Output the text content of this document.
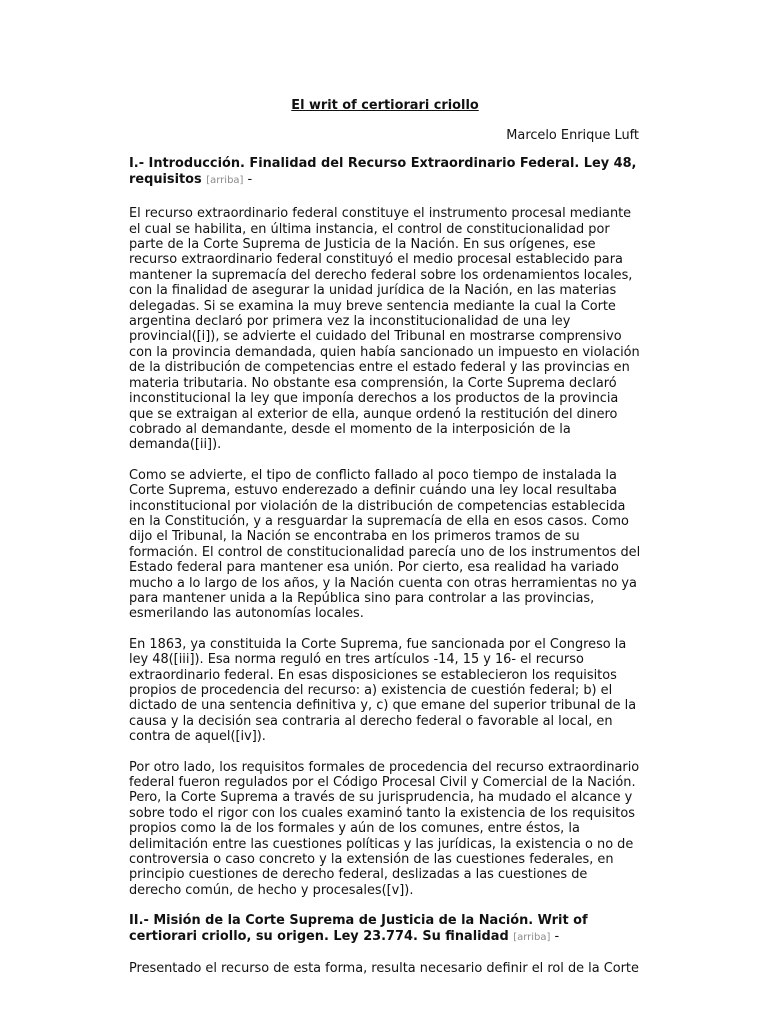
El writ of certiorari criollo
Marcelo Enrique Luft
I.- Introducción. Finalidad del Recurso Extraordinario Federal. Ley 48, requisitos [arriba] -

El recurso extraordinario federal constituye el instrumento procesal mediante el cual se habilita, en última instancia, el control de constitucionalidad por parte de la Corte Suprema de Justicia de la Nación. En sus orígenes, ese recurso extraordinario federal constituyó el medio procesal establecido para mantener la supremacía del derecho federal sobre los ordenamientos locales, con la finalidad de asegurar la unidad jurídica de la Nación, en las materias delegadas. Si se examina la muy breve sentencia mediante la cual la Corte argentina declaró por primera vez la inconstitucionalidad de una ley provincial([i]), se advierte el cuidado del Tribunal en mostrarse comprensivo con la provincia demandada, quien había sancionado un impuesto en violación de la distribución de competencias entre el estado federal y las provincias en materia tributaria. No obstante esa comprensión, la Corte Suprema declaró inconstitucional la ley que imponía derechos a los productos de la provincia que se extraigan al exterior de ella, aunque ordenó la restitución del dinero cobrado al demandante, desde el momento de la interposición de la demanda([ii]).

Como se advierte, el tipo de conflicto fallado al poco tiempo de instalada la Corte Suprema, estuvo enderezado a definir cuándo una ley local resultaba inconstitucional por violación de la distribución de competencias establecida en la Constitución, y a resguardar la supremacía de ella en esos casos. Como dijo el Tribunal, la Nación se encontraba en los primeros tramos de su formación. El control de constitucionalidad parecía uno de los instrumentos del Estado federal para mantener esa unión. Por cierto, esa realidad ha variado mucho a lo largo de los años, y la Nación cuenta con otras herramientas no ya para mantener unida a la República sino para controlar a las provincias, esmerilando las autonomías locales.

En 1863, ya constituida la Corte Suprema, fue sancionada por el Congreso la ley 48([iii]). Esa norma reguló en tres artículos -14, 15 y 16- el recurso extraordinario federal. En esas disposiciones se establecieron los requisitos propios de procedencia del recurso: a) existencia de cuestión federal; b) el dictado de una sentencia definitiva y, c) que emane del superior tribunal de la causa y la decisión sea contraria al derecho federal o favorable al local, en contra de aquel([iv]).

Por otro lado, los requisitos formales de procedencia del recurso extraordinario federal fueron regulados por el Código Procesal Civil y Comercial de la Nación. Pero, la Corte Suprema a través de su jurisprudencia, ha mudado el alcance y sobre todo el rigor con los cuales examinó tanto la existencia de los requisitos propios como la de los formales y aún de los comunes, entre éstos, la delimitación entre las cuestiones políticas y las jurídicas, la existencia o no de controversia o caso concreto y la extensión de las cuestiones federales, en principio cuestiones de derecho federal, deslizadas a las cuestiones de derecho común, de hecho y procesales([v]).

II.- Misión de la Corte Suprema de Justicia de la Nación. Writ of certiorari criollo, su origen. Ley 23.774. Su finalidad [arriba] -

Presentado el recurso de esta forma, resulta necesario definir el rol de la Corte
